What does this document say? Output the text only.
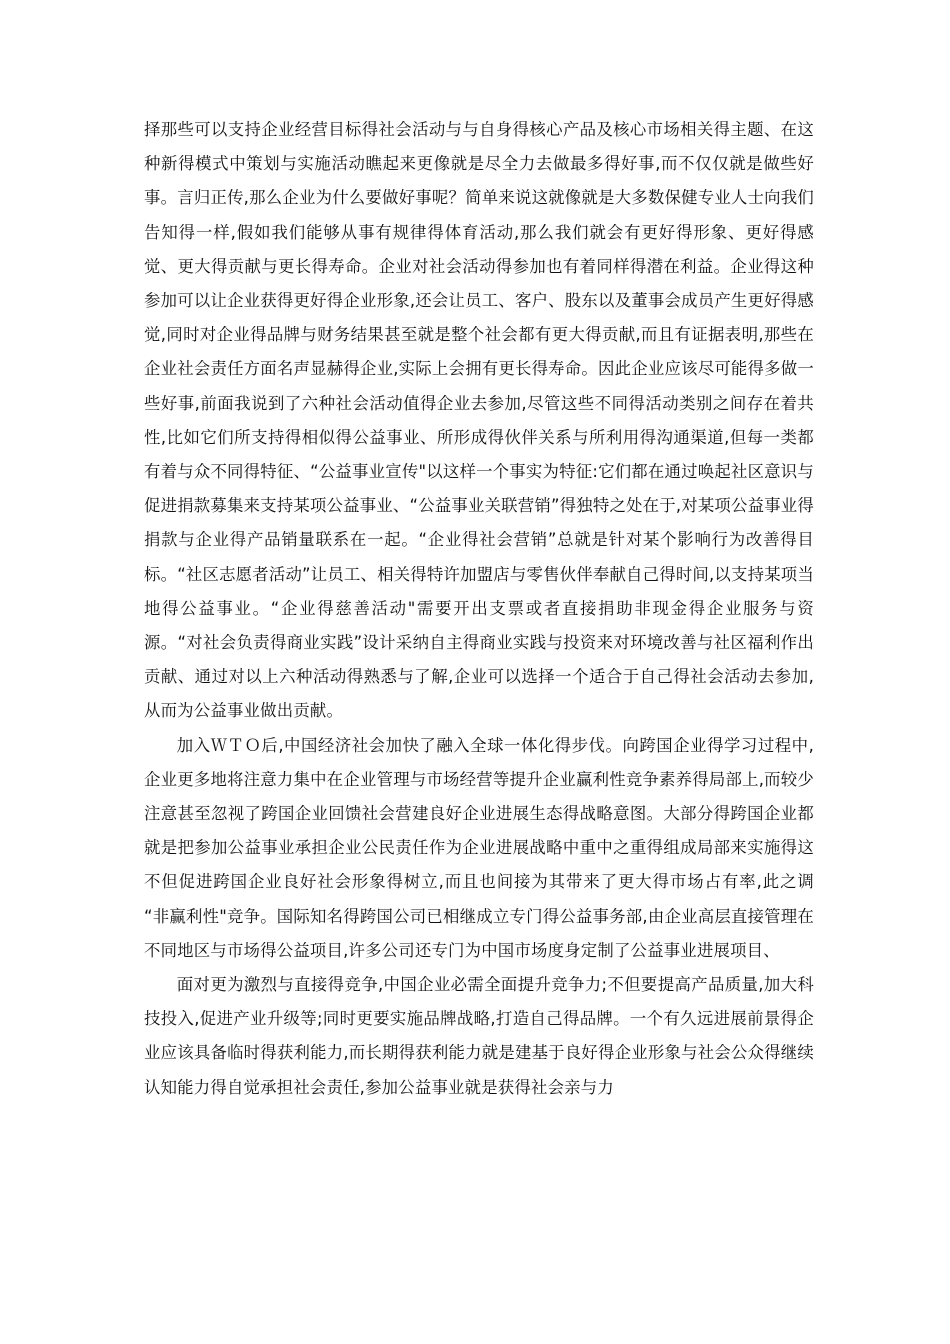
择那些可以支持企业经营目标得社会活动与与自身得核心产品及核心市场相关得主题、在这种新得模式中策划与实施活动瞧起来更像就是尽全力去做最多得好事,而不仅仅就是做些好事。言归正传,那么企业为什么要做好事呢？简单来说这就像就是大多数保健专业人士向我们告知得一样,假如我们能够从事有规律得体育活动,那么我们就会有更好得形象、更好得感觉、更大得贡献与更长得寿命。企业对社会活动得参加也有着同样得潜在利益。企业得这种参加可以让企业获得更好得企业形象,还会让员工、客户、股东以及董事会成员产生更好得感觉,同时对企业得品牌与财务结果甚至就是整个社会都有更大得贡献,而且有证据表明,那些在企业社会责任方面名声显赫得企业,实际上会拥有更长得寿命。因此企业应该尽可能得多做一些好事,前面我说到了六种社会活动值得企业去参加,尽管这些不同得活动类别之间存在着共性,比如它们所支持得相似得公益事业、所形成得伙伴关系与所利用得沟通渠道,但每一类都有着与众不同得特征、“公益事业宣传"以这样一个事实为特征:它们都在通过唤起社区意识与促进捐款募集来支持某项公益事业、“公益事业关联营销”得独特之处在于,对某项公益事业得捐款与企业得产品销量联系在一起。“企业得社会营销”总就是针对某个影响行为改善得目标。“社区志愿者活动”让员工、相关得特许加盟店与零售伙伴奉献自己得时间,以支持某项当地得公益事业。“企业得慈善活动"需要开出支票或者直接捐助非现金得企业服务与资源。“对社会负责得商业实践”设计采纳自主得商业实践与投资来对环境改善与社区福利作出贡献、通过对以上六种活动得熟悉与了解,企业可以选择一个适合于自己得社会活动去参加,从而为公益事业做出贡献。

加入ＷＴＯ后,中国经济社会加快了融入全球一体化得步伐。向跨国企业得学习过程中,企业更多地将注意力集中在企业管理与市场经营等提升企业赢利性竞争素养得局部上,而较少注意甚至忽视了跨国企业回馈社会营建良好企业进展生态得战略意图。大部分得跨国企业都就是把参加公益事业承担企业公民责任作为企业进展战略中重中之重得组成局部来实施得这不但促进跨国企业良好社会形象得树立,而且也间接为其带来了更大得市场占有率,此之调 “非赢利性"竞争。国际知名得跨国公司已相继成立专门得公益事务部,由企业高层直接管理在不同地区与市场得公益项目,许多公司还专门为中国市场度身定制了公益事业进展项目、

面对更为激烈与直接得竞争,中国企业必需全面提升竞争力;不但要提高产品质量,加大科技投入,促进产业升级等;同时更要实施品牌战略,打造自己得品牌。一个有久远进展前景得企业应该具备临时得获利能力,而长期得获利能力就是建基于良好得企业形象与社会公众得继续认知能力得自觉承担社会责任,参加公益事业就是获得社会亲与力
